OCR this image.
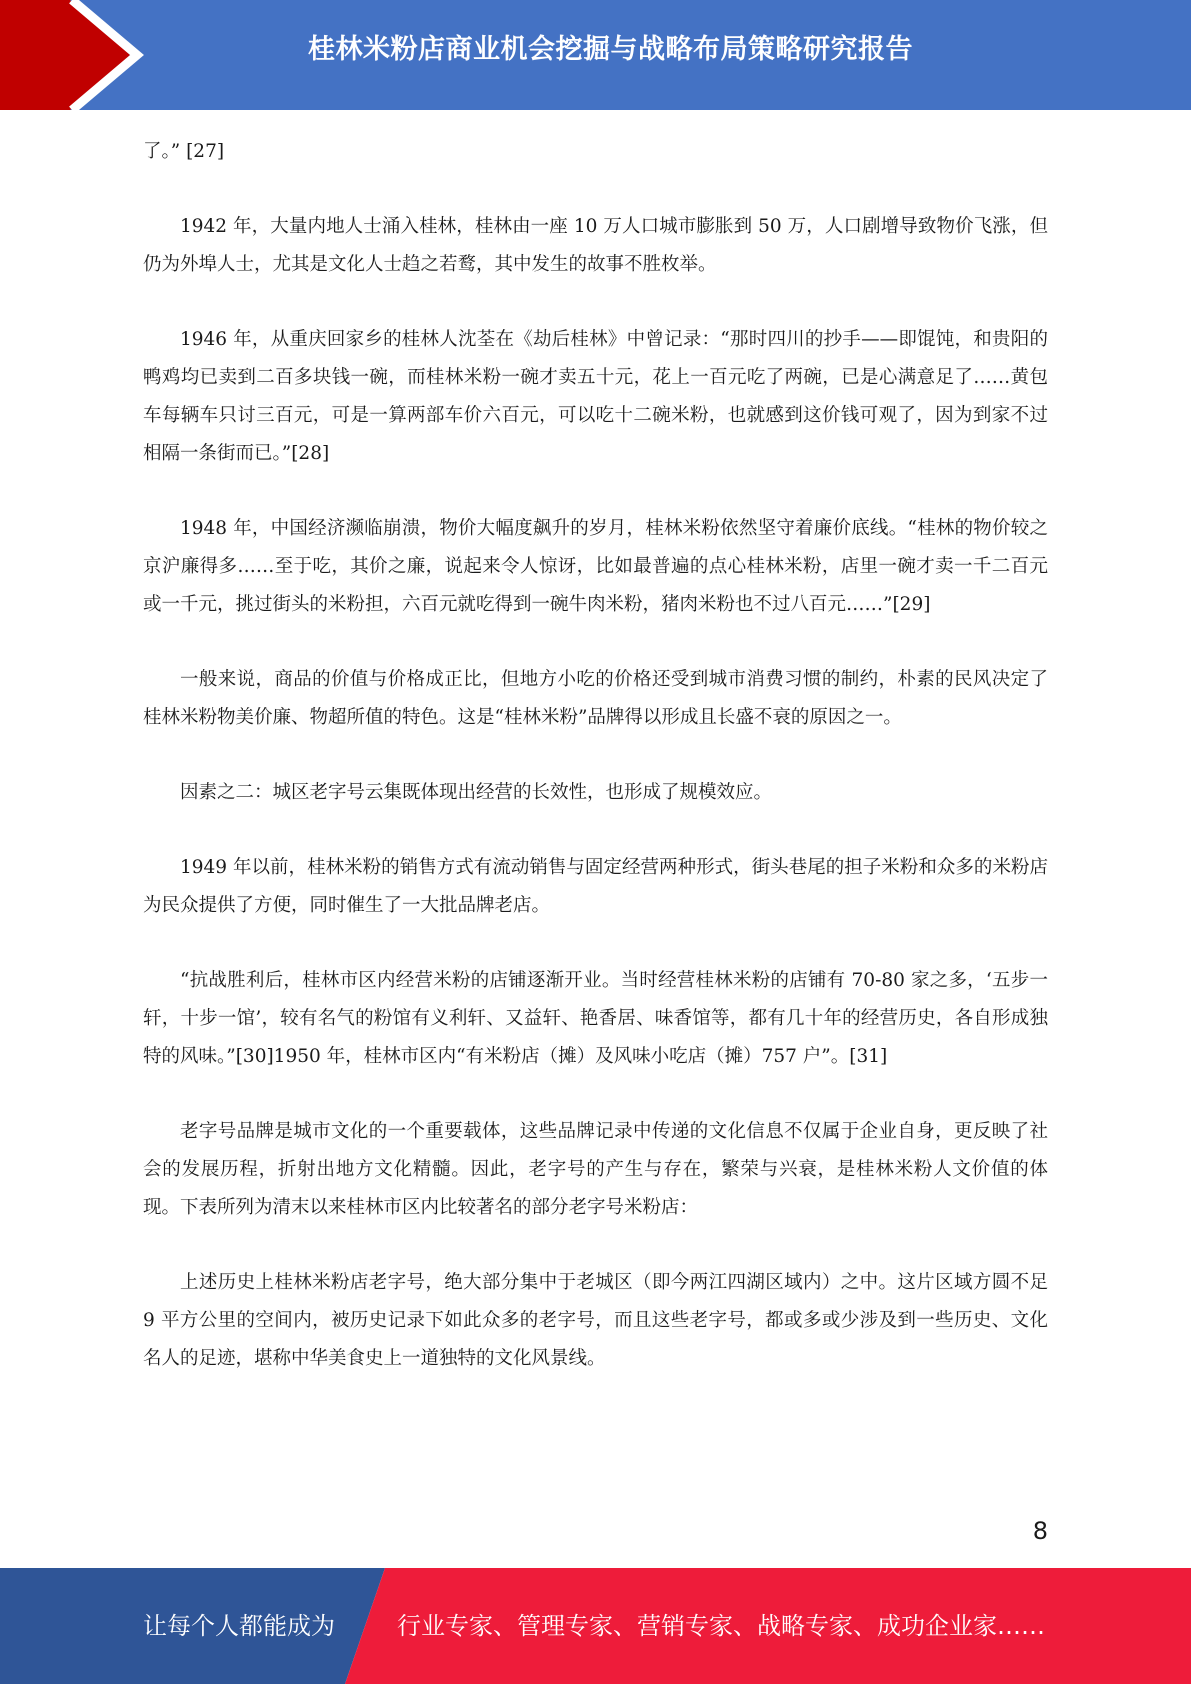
桂林米粉店商业机会挖掘与战略布局策略研究报告

了。” [27]

1942 年，大量内地人士涌入桂林，桂林由一座 10 万人口城市膨胀到 50 万，人口剧增导致物价飞涨，但仍为外埠人士，尤其是文化人士趋之若鹜，其中发生的故事不胜枚举。

1946 年，从重庆回家乡的桂林人沈荃在《劫后桂林》中曾记录：“那时四川的抄手——即馄饨，和贵阳的鸭鸡均已卖到二百多块钱一碗，而桂林米粉一碗才卖五十元，花上一百元吃了两碗，已是心满意足了……黄包车每辆车只讨三百元，可是一算两部车价六百元，可以吃十二碗米粉，也就感到这价钱可观了，因为到家不过相隔一条街而已。”[28]

1948 年，中国经济濒临崩溃，物价大幅度飙升的岁月，桂林米粉依然坚守着廉价底线。“桂林的物价较之京沪廉得多……至于吃，其价之廉，说起来令人惊讶，比如最普遍的点心桂林米粉，店里一碗才卖一千二百元或一千元，挑过街头的米粉担，六百元就吃得到一碗牛肉米粉，猪肉米粉也不过八百元……”[29]

一般来说，商品的价值与价格成正比，但地方小吃的价格还受到城市消费习惯的制约，朴素的民风决定了桂林米粉物美价廉、物超所值的特色。这是“桂林米粉”品牌得以形成且长盛不衰的原因之一。

因素之二：城区老字号云集既体现出经营的长效性，也形成了规模效应。

1949 年以前，桂林米粉的销售方式有流动销售与固定经营两种形式，街头巷尾的担子米粉和众多的米粉店为民众提供了方便，同时催生了一大批品牌老店。

“抗战胜利后，桂林市区内经营米粉的店铺逐渐开业。当时经营桂林米粉的店铺有 70-80 家之多，‘五步一轩，十步一馆’，较有名气的粉馆有义利轩、又益轩、艳香居、味香馆等，都有几十年的经营历史，各自形成独特的风味。”[30]1950 年，桂林市区内“有米粉店（摊）及风味小吃店（摊）757 户”。[31]

老字号品牌是城市文化的一个重要载体，这些品牌记录中传递的文化信息不仅属于企业自身，更反映了社会的发展历程，折射出地方文化精髓。因此，老字号的产生与存在，繁荣与兴衰，是桂林米粉人文价值的体现。下表所列为清末以来桂林市区内比较著名的部分老字号米粉店：

上述历史上桂林米粉店老字号，绝大部分集中于老城区（即今两江四湖区域内）之中。这片区域方圆不足 9 平方公里的空间内，被历史记录下如此众多的老字号，而且这些老字号，都或多或少涉及到一些历史、文化名人的足迹，堪称中华美食史上一道独特的文化风景线。

8
让每个人都能成为	行业专家、管理专家、营销专家、战略专家、成功企业家……
